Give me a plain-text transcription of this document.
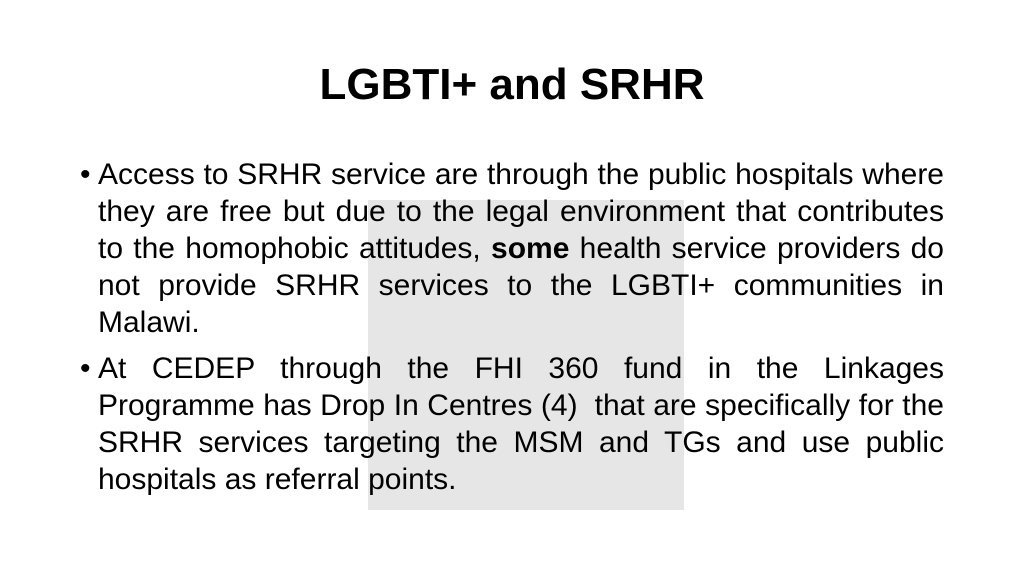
LGBTI+ and SRHR
• Access to SRHR service are through the public hospitals where they are free but due to the legal environment that contributes to the homophobic attitudes, some health service providers do not provide SRHR services to the LGBTI+ communities in Malawi.
• At CEDEP through the FHI 360 fund in the Linkages Programme has Drop In Centres (4)  that are specifically for the SRHR services targeting the MSM and TGs and use public hospitals as referral points.
